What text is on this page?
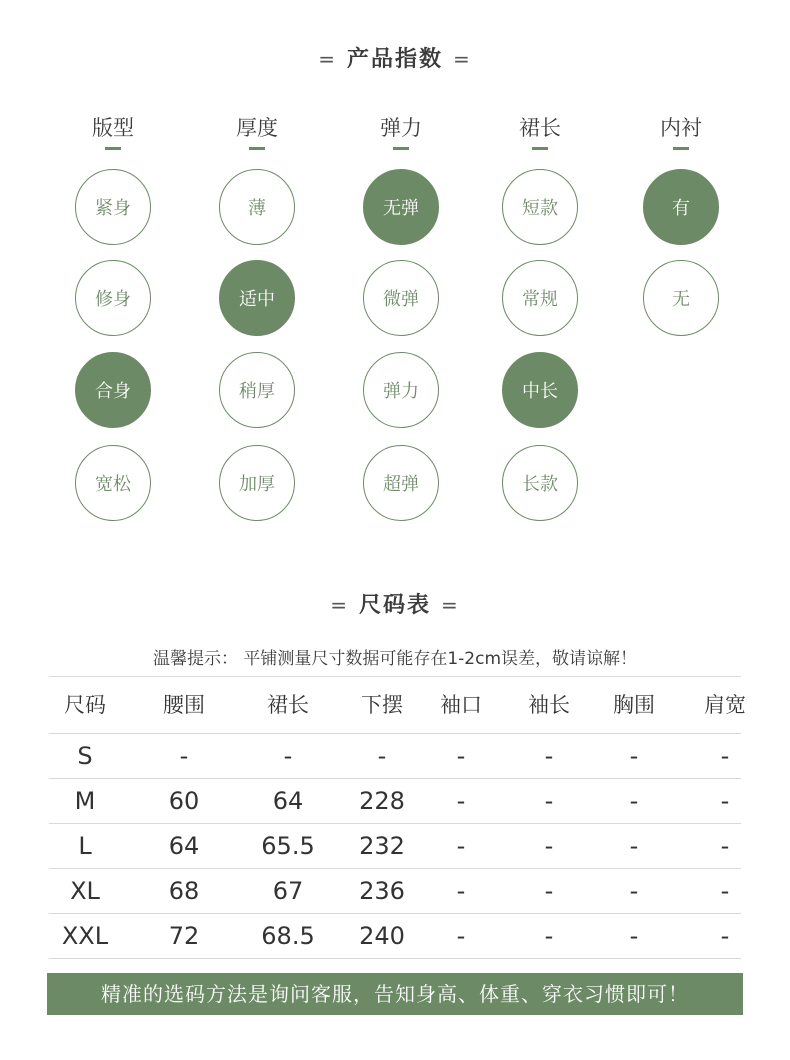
= 产品指数 =
版型
紧身
修身
合身
宽松
厚度
薄
适中
稍厚
加厚
弹力
无弹
微弹
弹力
超弹
裙长
短款
常规
中长
长款
内衬
有
无
= 尺码表 =
温馨提示： 平铺测量尺寸数据可能存在1-2cm误差，敬请谅解！
尺码	腰围	裙长	下摆	袖口	袖长	胸围	肩宽
S	-	-	-	-	-	-	-
M	60	64	228	-	-	-	-
L	64	65.5	232	-	-	-	-
XL	68	67	236	-	-	-	-
XXL	72	68.5	240	-	-	-	-
精准的选码方法是询问客服，告知身高、体重、穿衣习惯即可！
